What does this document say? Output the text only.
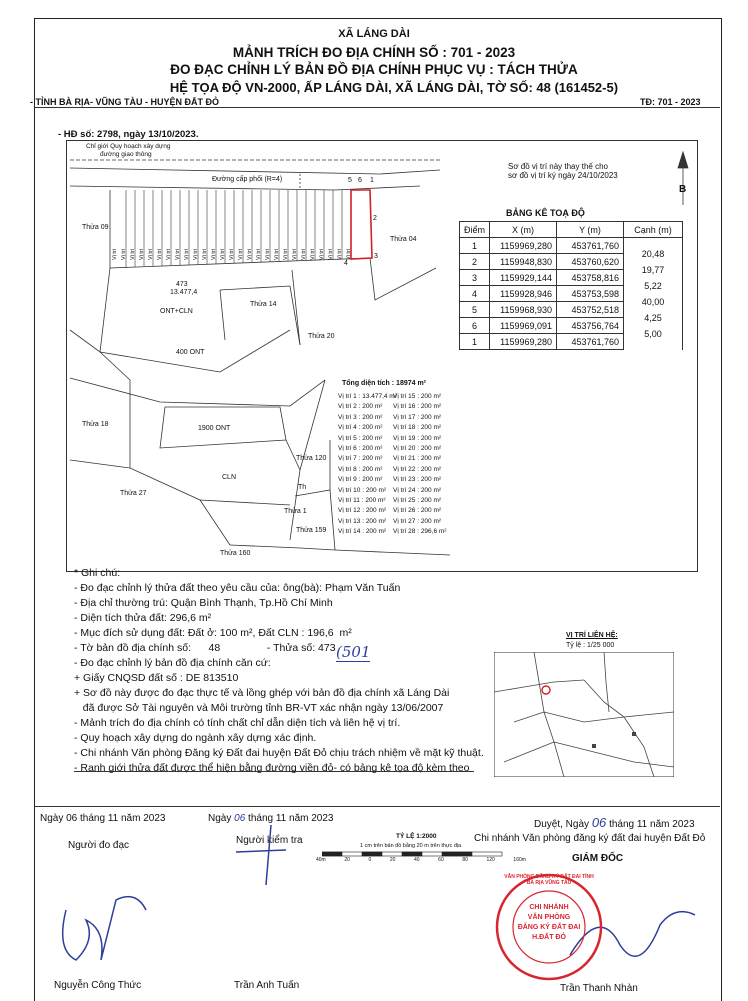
XÃ LÁNG DÀI
MẢNH TRÍCH ĐO ĐỊA CHÍNH SỐ : 701 - 2023
ĐO ĐẠC CHỈNH LÝ BẢN ĐỒ ĐỊA CHÍNH PHỤC VỤ : TÁCH THỬA
HỆ TỌA ĐỘ VN-2000, ẤP LÁNG DÀI, XÃ LÁNG DÀI, TỜ SỐ: 48 (161452-5)
- TỈNH BÀ RỊA- VŨNG TÀU - HUYỆN ĐẤT ĐỎ	TĐ: 701 - 2023
- HĐ số: 2798, ngày 13/10/2023.
Vị trí Vị trí Vị trí Vị trí Vị trí Vị trí Vị trí Vị trí Vị trí Vị trí Vị trí Vị trí Vị trí Vị trí Vị trí Vị trí Vị trí Vị trí Vị trí Vị trí Vị trí Vị trí Vị trí Vị trí Vị trí Vị trí Vị trí
Chỉ giới Quy hoạch xây dựng
đường giao thông
Đường cấp phối (R=4)
Sơ đồ vị trí này thay thế cho
sơ đồ vị trí ký ngày 24/10/2023
B
5 6 1
2
3
4
Thửa 09
Thửa 04
473
13.477,4
ONT+CLN
Thửa 14
Thửa 20
400 ONT
Thửa 18
1900 ONT
Thửa 120
CLN
Thửa 27
Th
Thửa 1
Thửa 159
Thửa 160
Tổng diện tích : 18974 m²
Vị trí 1 : 13.477,4 m²
Vị trí 2 : 200 m²
Vị trí 3 : 200 m²
Vị trí 4 : 200 m²
Vị trí 5 : 200 m²
Vị trí 6 : 200 m²
Vị trí 7 : 200 m²
Vị trí 8 : 200 m²
Vị trí 9 : 200 m²
Vị trí 10 : 200 m²
Vị trí 11 : 200 m²
Vị trí 12 : 200 m²
Vị trí 13 : 200 m²
Vị trí 14 : 200 m²
Vị trí 15 : 200 m²
Vị trí 16 : 200 m²
Vị trí 17 : 200 m²
Vị trí 18 : 200 m²
Vị trí 19 : 200 m²
Vị trí 20 : 200 m²
Vị trí 21 : 200 m²
Vị trí 22 : 200 m²
Vị trí 23 : 200 m²
Vị trí 24 : 200 m²
Vị trí 25 : 200 m²
Vị trí 26 : 200 m²
Vị trí 27 : 200 m²
Vị trí 28 : 296,6 m²
BẢNG KÊ TOẠ ĐỘ
Điểm	X (m)	Y (m)	Cạnh (m)
1	1159969,280	453761,760	20,48
2	1159948,830	453760,620	19,77
3	1159929,144	453758,816	5,22
4	1159928,946	453753,598	40,00
5	1159968,930	453752,518	4,25
6	1159969,091	453756,764	5,00
1	1159969,280	453761,760	
* Ghi chú:
- Đo đạc chỉnh lý thửa đất theo yêu cầu của: ông(bà): Phạm Văn Tuấn
- Địa chỉ thường trú: Quận Bình Thạnh, Tp.Hồ Chí Minh
- Diện tích thửa đất: 296,6 m²
- Mục đích sử dụng đất: Đất ở: 100 m², Đất CLN : 196,6  m²
- Tờ bản đồ địa chính số:      48                - Thửa số: 473
- Đo đạc chỉnh lý bản đồ địa chính căn cứ:
+ Giấy CNQSD đất số : DE 813510
+ Sơ đồ này được đo đạc thực tế và lồng ghép với bản đồ địa chính xã Láng Dài
đã được Sở Tài nguyên và Môi trường tỉnh BR-VT xác nhận ngày 13/06/2007
- Mảnh trích đo địa chính có tính chất chỉ dẫn diện tích và liên hệ vị trí.
- Quy hoạch xây dựng do ngành xây dựng xác định.
- Chi nhánh Văn phòng Đăng ký Đất đai huyện Đất Đỏ chịu trách nhiệm về mặt kỹ thuật.
- Ranh giới thửa đất được thể hiện bằng đường viền đỏ- có bảng kê tọa độ kèm theo
(501
VỊ TRÍ LIÊN HỆ:
Tỷ lệ : 1/25 000
Ngày 06 tháng 11 năm 2023	Ngày 06 tháng 11 năm 2023
Duyệt, Ngày 06 tháng 11 năm 2023
Người đo đạc	Người kiểm tra	Chi nhánh Văn phòng đăng ký đất đai huyện Đất Đỏ
GIÁM ĐỐC
TỶ LỆ 1:2000
1 cm trên bản đồ bằng 20 m trên thực địa
40m	20	0	20	40	60	80	120	160m
VĂN PHÒNG ĐĂNG KÝ ĐẤT ĐAI TỈNH BÀ RỊA VŨNG TÀU
CHI NHÁNH
VĂN PHÒNG
ĐĂNG KÝ ĐẤT ĐAI
H.ĐẤT ĐỎ
Nguyễn Công Thức	Trần Anh Tuấn	Trần Thanh Nhàn
